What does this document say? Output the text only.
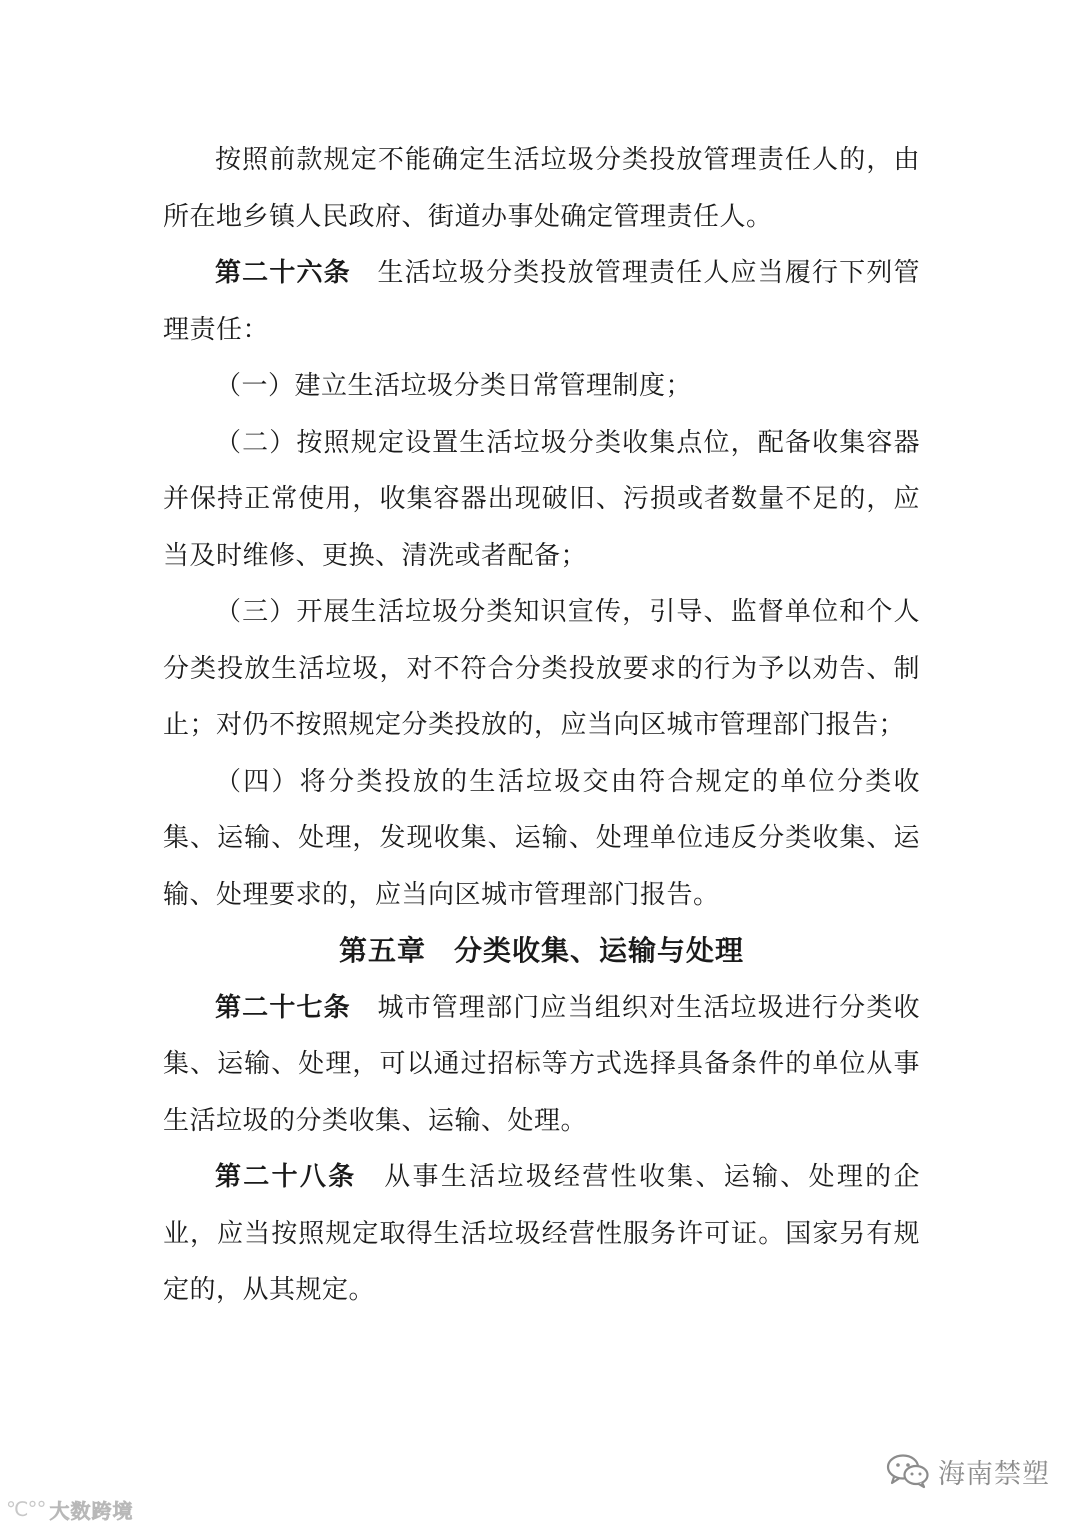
按照前款规定不能确定生活垃圾分类投放管理责任人的，由所在地乡镇人民政府、街道办事处确定管理责任人。

第二十六条 生活垃圾分类投放管理责任人应当履行下列管理责任：

（一）建立生活垃圾分类日常管理制度；

（二）按照规定设置生活垃圾分类收集点位，配备收集容器并保持正常使用，收集容器出现破旧、污损或者数量不足的，应当及时维修、更换、清洗或者配备；

（三）开展生活垃圾分类知识宣传，引导、监督单位和个人分类投放生活垃圾，对不符合分类投放要求的行为予以劝告、制止；对仍不按照规定分类投放的，应当向区城市管理部门报告；

（四）将分类投放的生活垃圾交由符合规定的单位分类收集、运输、处理，发现收集、运输、处理单位违反分类收集、运输、处理要求的，应当向区城市管理部门报告。

第五章 分类收集、运输与处理

第二十七条 城市管理部门应当组织对生活垃圾进行分类收集、运输、处理，可以通过招标等方式选择具备条件的单位从事生活垃圾的分类收集、运输、处理。

第二十八条 从事生活垃圾经营性收集、运输、处理的企业，应当按照规定取得生活垃圾经营性服务许可证。国家另有规定的，从其规定。

海南禁塑
℃°° 大数跨境
